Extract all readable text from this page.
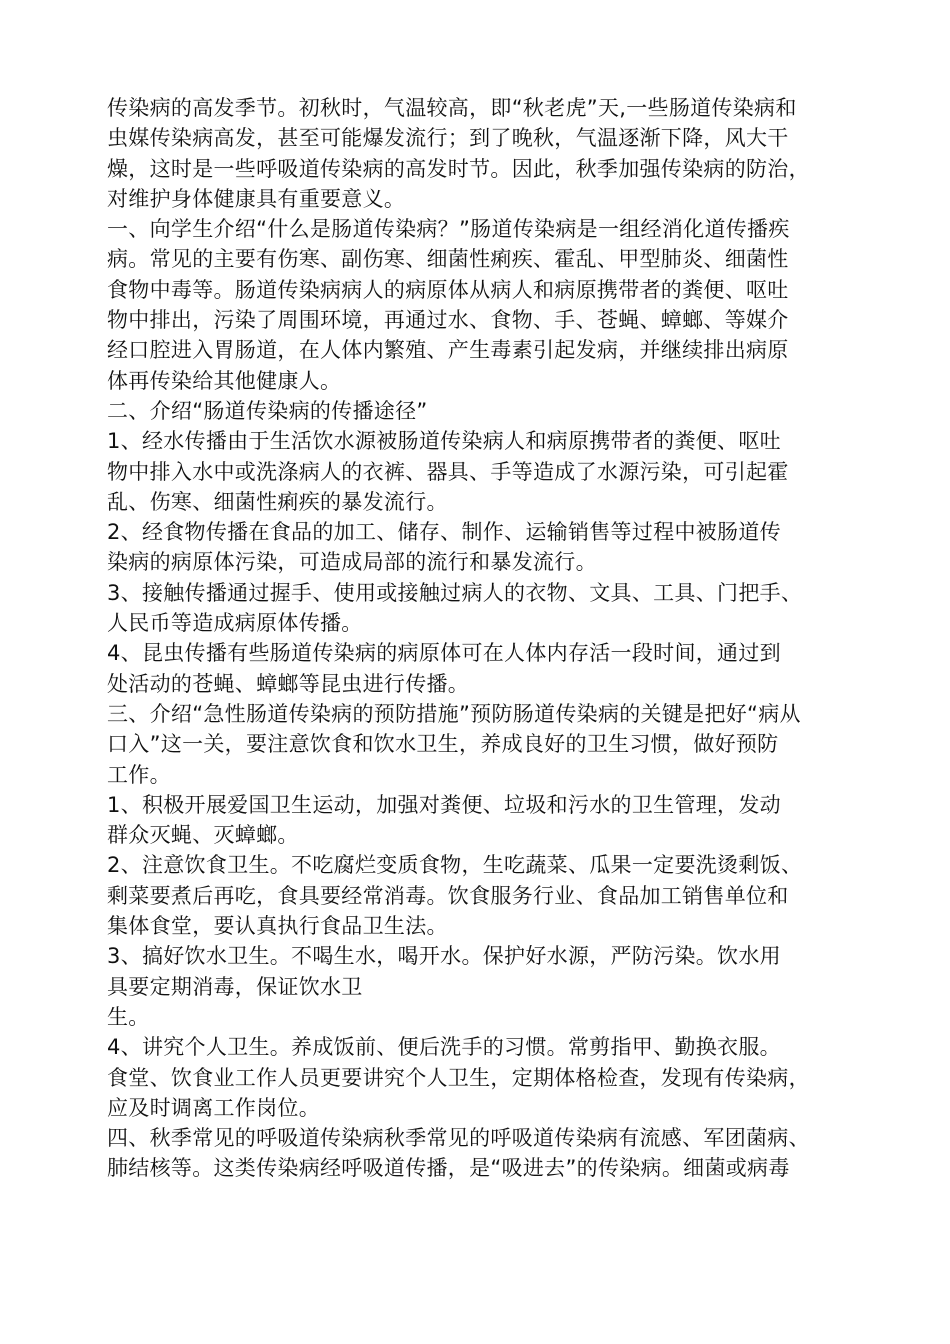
传染病的高发季节。初秋时，气温较高，即“秋老虎”天,一些肠道传染病和
虫媒传染病高发，甚至可能爆发流行；到了晚秋，气温逐渐下降，风大干
燥，这时是一些呼吸道传染病的高发时节。因此，秋季加强传染病的防治，
对维护身体健康具有重要意义。
一、向学生介绍“什么是肠道传染病？”肠道传染病是一组经消化道传播疾
病。常见的主要有伤寒、副伤寒、细菌性痢疾、霍乱、甲型肺炎、细菌性
食物中毒等。肠道传染病病人的病原体从病人和病原携带者的粪便、呕吐
物中排出，污染了周围环境，再通过水、食物、手、苍蝇、蟑螂、等媒介
经口腔进入胃肠道，在人体内繁殖、产生毒素引起发病，并继续排出病原
体再传染给其他健康人。
二、介绍“肠道传染病的传播途径”
1、经水传播由于生活饮水源被肠道传染病人和病原携带者的粪便、呕吐
物中排入水中或洗涤病人的衣裤、器具、手等造成了水源污染，可引起霍
乱、伤寒、细菌性痢疾的暴发流行。
2、经食物传播在食品的加工、储存、制作、运输销售等过程中被肠道传
染病的病原体污染，可造成局部的流行和暴发流行。
3、接触传播通过握手、使用或接触过病人的衣物、文具、工具、门把手、
人民币等造成病原体传播。
4、昆虫传播有些肠道传染病的病原体可在人体内存活一段时间，通过到
处活动的苍蝇、蟑螂等昆虫进行传播。
三、介绍“急性肠道传染病的预防措施”预防肠道传染病的关键是把好“病从
口入”这一关，要注意饮食和饮水卫生，养成良好的卫生习惯，做好预防
工作。
1、积极开展爱国卫生运动，加强对粪便、垃圾和污水的卫生管理，发动
群众灭蝇、灭蟑螂。
2、注意饮食卫生。不吃腐烂变质食物，生吃蔬菜、瓜果一定要洗烫剩饭、
剩菜要煮后再吃，食具要经常消毒。饮食服务行业、食品加工销售单位和
集体食堂，要认真执行食品卫生法。
3、搞好饮水卫生。不喝生水，喝开水。保护好水源，严防污染。饮水用
具要定期消毒，保证饮水卫
生。
4、讲究个人卫生。养成饭前、便后洗手的习惯。常剪指甲、勤换衣服。
食堂、饮食业工作人员更要讲究个人卫生，定期体格检查，发现有传染病，
应及时调离工作岗位。
四、秋季常见的呼吸道传染病秋季常见的呼吸道传染病有流感、军团菌病、
肺结核等。这类传染病经呼吸道传播，是“吸进去”的传染病。细菌或病毒
